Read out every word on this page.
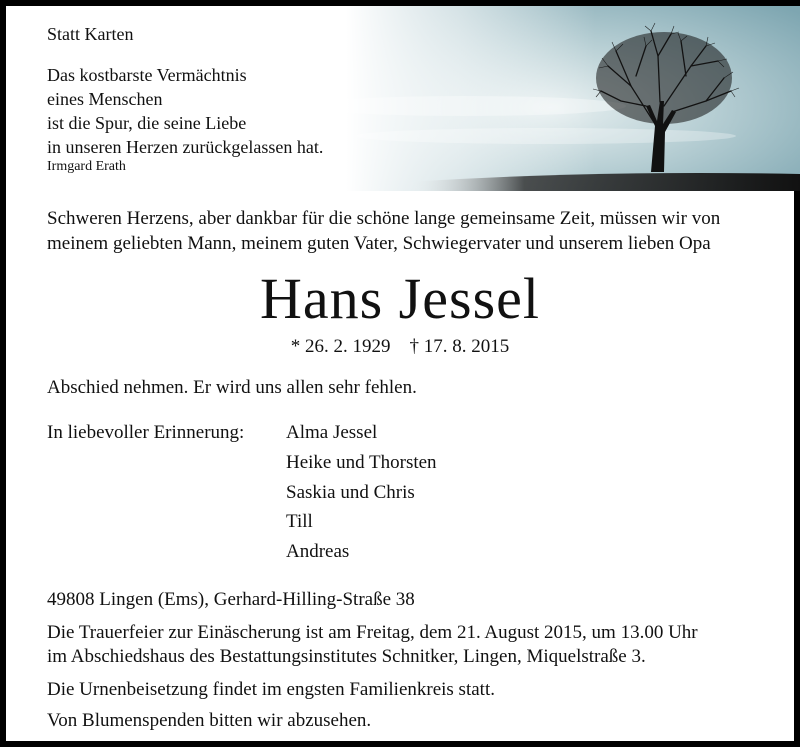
Statt Karten
Das kostbarste Vermächtnis
eines Menschen
ist die Spur, die seine Liebe
in unseren Herzen zurückgelassen hat.
Irmgard Erath
Schweren Herzens, aber dankbar für die schöne lange gemeinsame Zeit, müssen wir von
meinem geliebten Mann, meinem guten Vater, Schwiegervater und unserem lieben Opa
Hans Jessel
* 26. 2. 1929    † 17. 8. 2015
Abschied nehmen. Er wird uns allen sehr fehlen.
In liebevoller Erinnerung: Alma Jessel
Heike und Thorsten
Saskia und Chris
Till
Andreas
49808 Lingen (Ems), Gerhard-Hilling-Straße 38
Die Trauerfeier zur Einäscherung ist am Freitag, dem 21. August 2015, um 13.00 Uhr
im Abschiedshaus des Bestattungsinstitutes Schnitker, Lingen, Miquelstraße 3.
Die Urnenbeisetzung findet im engsten Familienkreis statt.
Von Blumenspenden bitten wir abzusehen.
